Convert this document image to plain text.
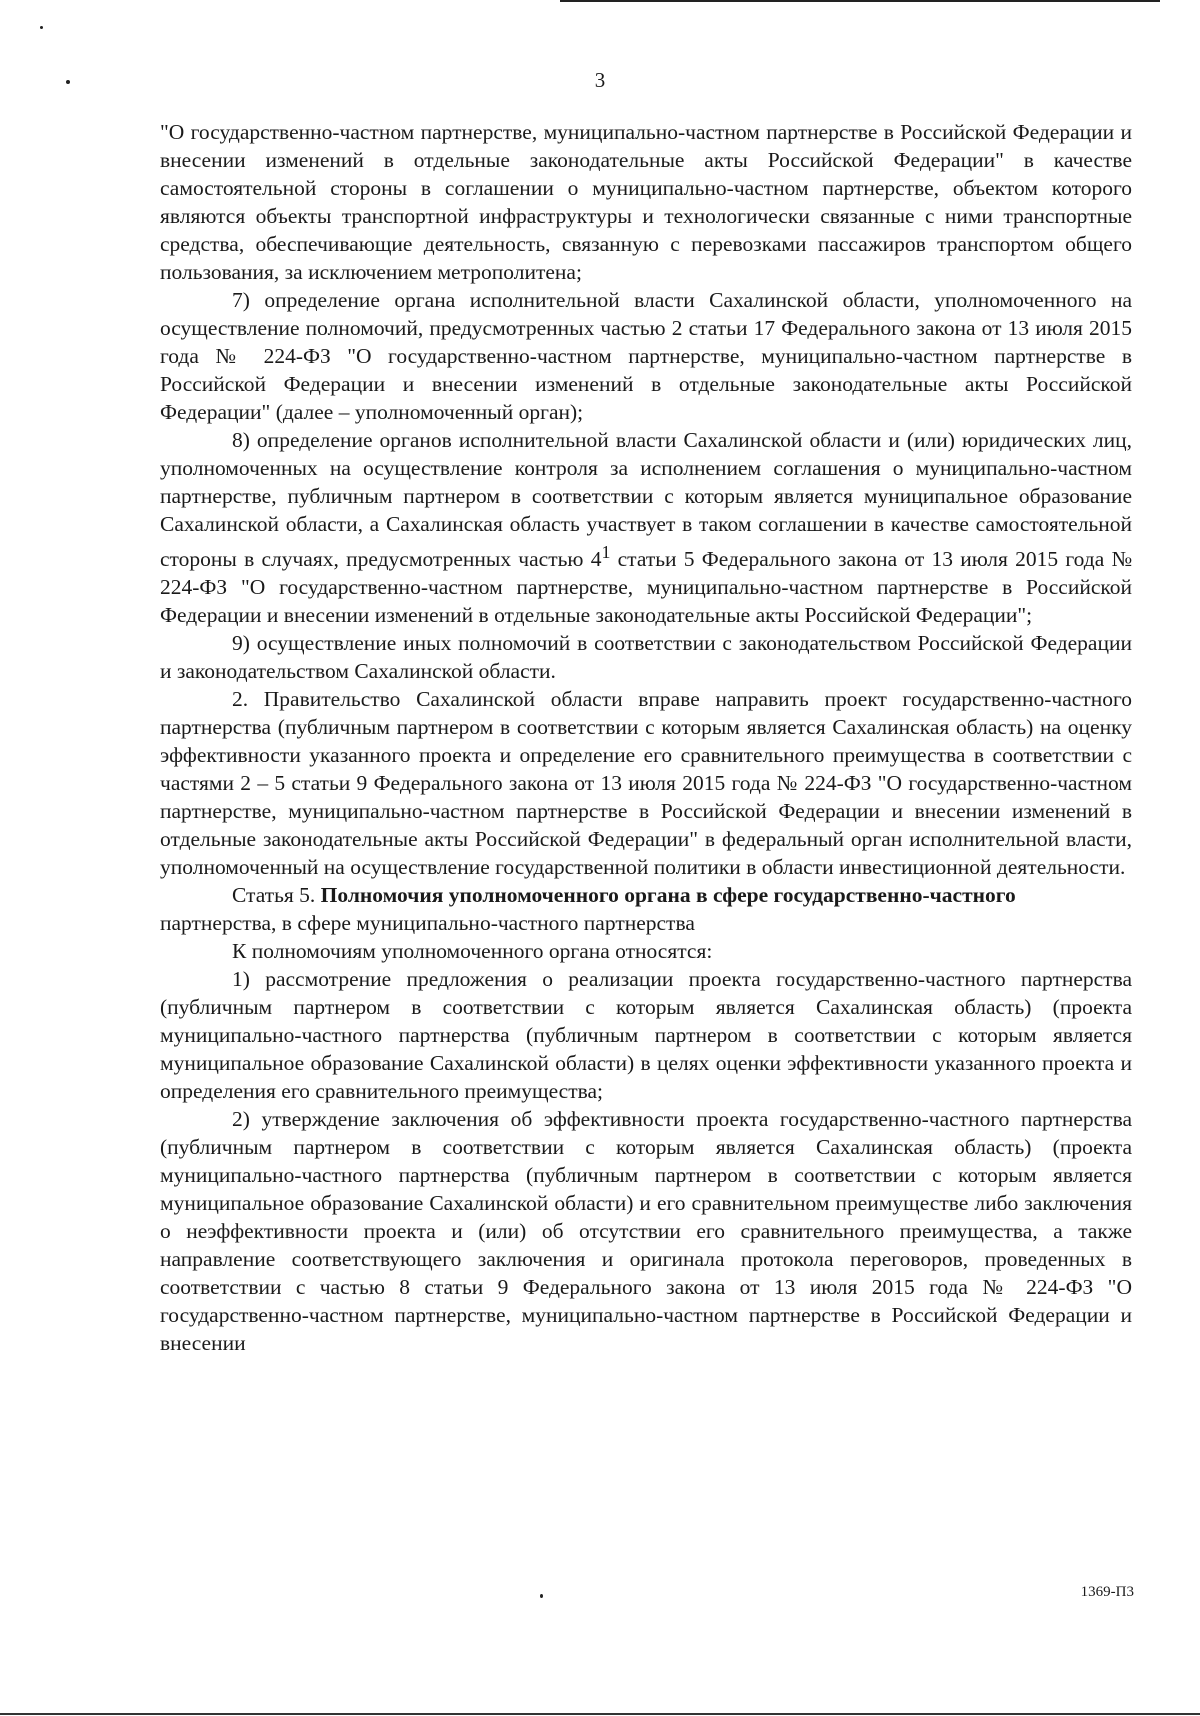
3

"О государственно-частном партнерстве, муниципально-частном партнерстве в Российской Федерации и внесении изменений в отдельные законодательные акты Российской Федерации" в качестве самостоятельной стороны в соглашении о муниципально-частном партнерстве, объектом которого являются объекты транспортной инфраструктуры и технологически связанные с ними транспортные средства, обеспечивающие деятельность, связанную с перевозками пассажиров транспортом общего пользования, за исключением метрополитена;

7) определение органа исполнительной власти Сахалинской области, уполномоченного на осуществление полномочий, предусмотренных частью 2 статьи 17 Федерального закона от 13 июля 2015 года № 224-ФЗ "О государственно-частном партнерстве, муниципально-частном партнерстве в Российской Федерации и внесении изменений в отдельные законодательные акты Российской Федерации" (далее – уполномоченный орган);

8) определение органов исполнительной власти Сахалинской области и (или) юридических лиц, уполномоченных на осуществление контроля за исполнением соглашения о муниципально-частном партнерстве, публичным партнером в соответствии с которым является муниципальное образование Сахалинской области, а Сахалинская область участвует в таком соглашении в качестве самостоятельной стороны в случаях, предусмотренных частью $4^1$ статьи 5 Федерального закона от 13 июля 2015 года № 224-ФЗ "О государственно-частном партнерстве, муниципально-частном партнерстве в Российской Федерации и внесении изменений в отдельные законодательные акты Российской Федерации";

9) осуществление иных полномочий в соответствии с законодательством Российской Федерации и законодательством Сахалинской области.

2. Правительство Сахалинской области вправе направить проект государственно-частного партнерства (публичным партнером в соответствии с которым является Сахалинская область) на оценку эффективности указанного проекта и определение его сравнительного преимущества в соответствии с частями 2 – 5 статьи 9 Федерального закона от 13 июля 2015 года № 224-ФЗ "О государственно-частном партнерстве, муниципально-частном партнерстве в Российской Федерации и внесении изменений в отдельные законодательные акты Российской Федерации" в федеральный орган исполнительной власти, уполномоченный на осуществление государственной политики в области инвестиционной деятельности.

Статья 5. Полномочия уполномоченного органа в сфере государственно-частного

партнерства, в сфере муниципально-частного партнерства

К полномочиям уполномоченного органа относятся:

1) рассмотрение предложения о реализации проекта государственно-частного партнерства (публичным партнером в соответствии с которым является Сахалинская область) (проекта муниципально-частного партнерства (публичным партнером в соответствии с которым является муниципальное образование Сахалинской области) в целях оценки эффективности указанного проекта и определения его сравнительного преимущества;

2) утверждение заключения об эффективности проекта государственно-частного партнерства (публичным партнером в соответствии с которым является Сахалинская область) (проекта муниципально-частного партнерства (публичным партнером в соответствии с которым является муниципальное образование Сахалинской области) и его сравнительном преимуществе либо заключения о неэффективности проекта и (или) об отсутствии его сравнительного преимущества, а также направление соответствующего заключения и оригинала протокола переговоров, проведенных в соответствии с частью 8 статьи 9 Федерального закона от 13 июля 2015 года № 224-ФЗ "О государственно-частном партнерстве, муниципально-частном партнерстве в Российской Федерации и внесении

1369-П3
